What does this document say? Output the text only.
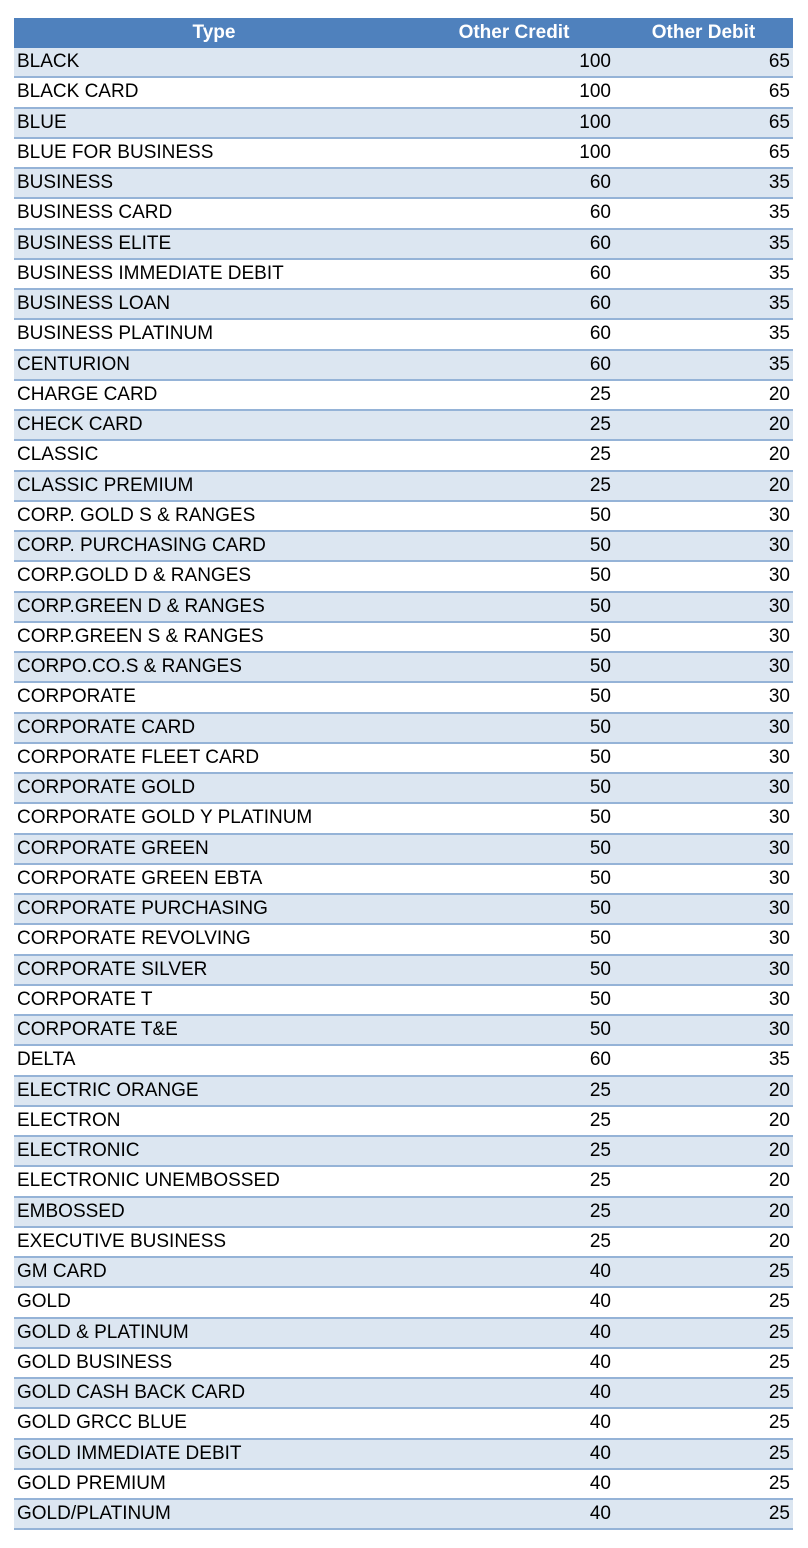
Type	Other Credit	Other Debit
BLACK	100	65
BLACK CARD	100	65
BLUE	100	65
BLUE FOR BUSINESS	100	65
BUSINESS	60	35
BUSINESS CARD	60	35
BUSINESS ELITE	60	35
BUSINESS IMMEDIATE DEBIT	60	35
BUSINESS LOAN	60	35
BUSINESS PLATINUM	60	35
CENTURION	60	35
CHARGE CARD	25	20
CHECK CARD	25	20
CLASSIC	25	20
CLASSIC PREMIUM	25	20
CORP. GOLD S & RANGES	50	30
CORP. PURCHASING CARD	50	30
CORP.GOLD D & RANGES	50	30
CORP.GREEN D & RANGES	50	30
CORP.GREEN S & RANGES	50	30
CORPO.CO.S & RANGES	50	30
CORPORATE	50	30
CORPORATE CARD	50	30
CORPORATE FLEET CARD	50	30
CORPORATE GOLD	50	30
CORPORATE GOLD Y PLATINUM	50	30
CORPORATE GREEN	50	30
CORPORATE GREEN EBTA	50	30
CORPORATE PURCHASING	50	30
CORPORATE REVOLVING	50	30
CORPORATE SILVER	50	30
CORPORATE T	50	30
CORPORATE T&E	50	30
DELTA	60	35
ELECTRIC ORANGE	25	20
ELECTRON	25	20
ELECTRONIC	25	20
ELECTRONIC UNEMBOSSED	25	20
EMBOSSED	25	20
EXECUTIVE BUSINESS	25	20
GM CARD	40	25
GOLD	40	25
GOLD & PLATINUM	40	25
GOLD BUSINESS	40	25
GOLD CASH BACK CARD	40	25
GOLD GRCC BLUE	40	25
GOLD IMMEDIATE DEBIT	40	25
GOLD PREMIUM	40	25
GOLD/PLATINUM	40	25
